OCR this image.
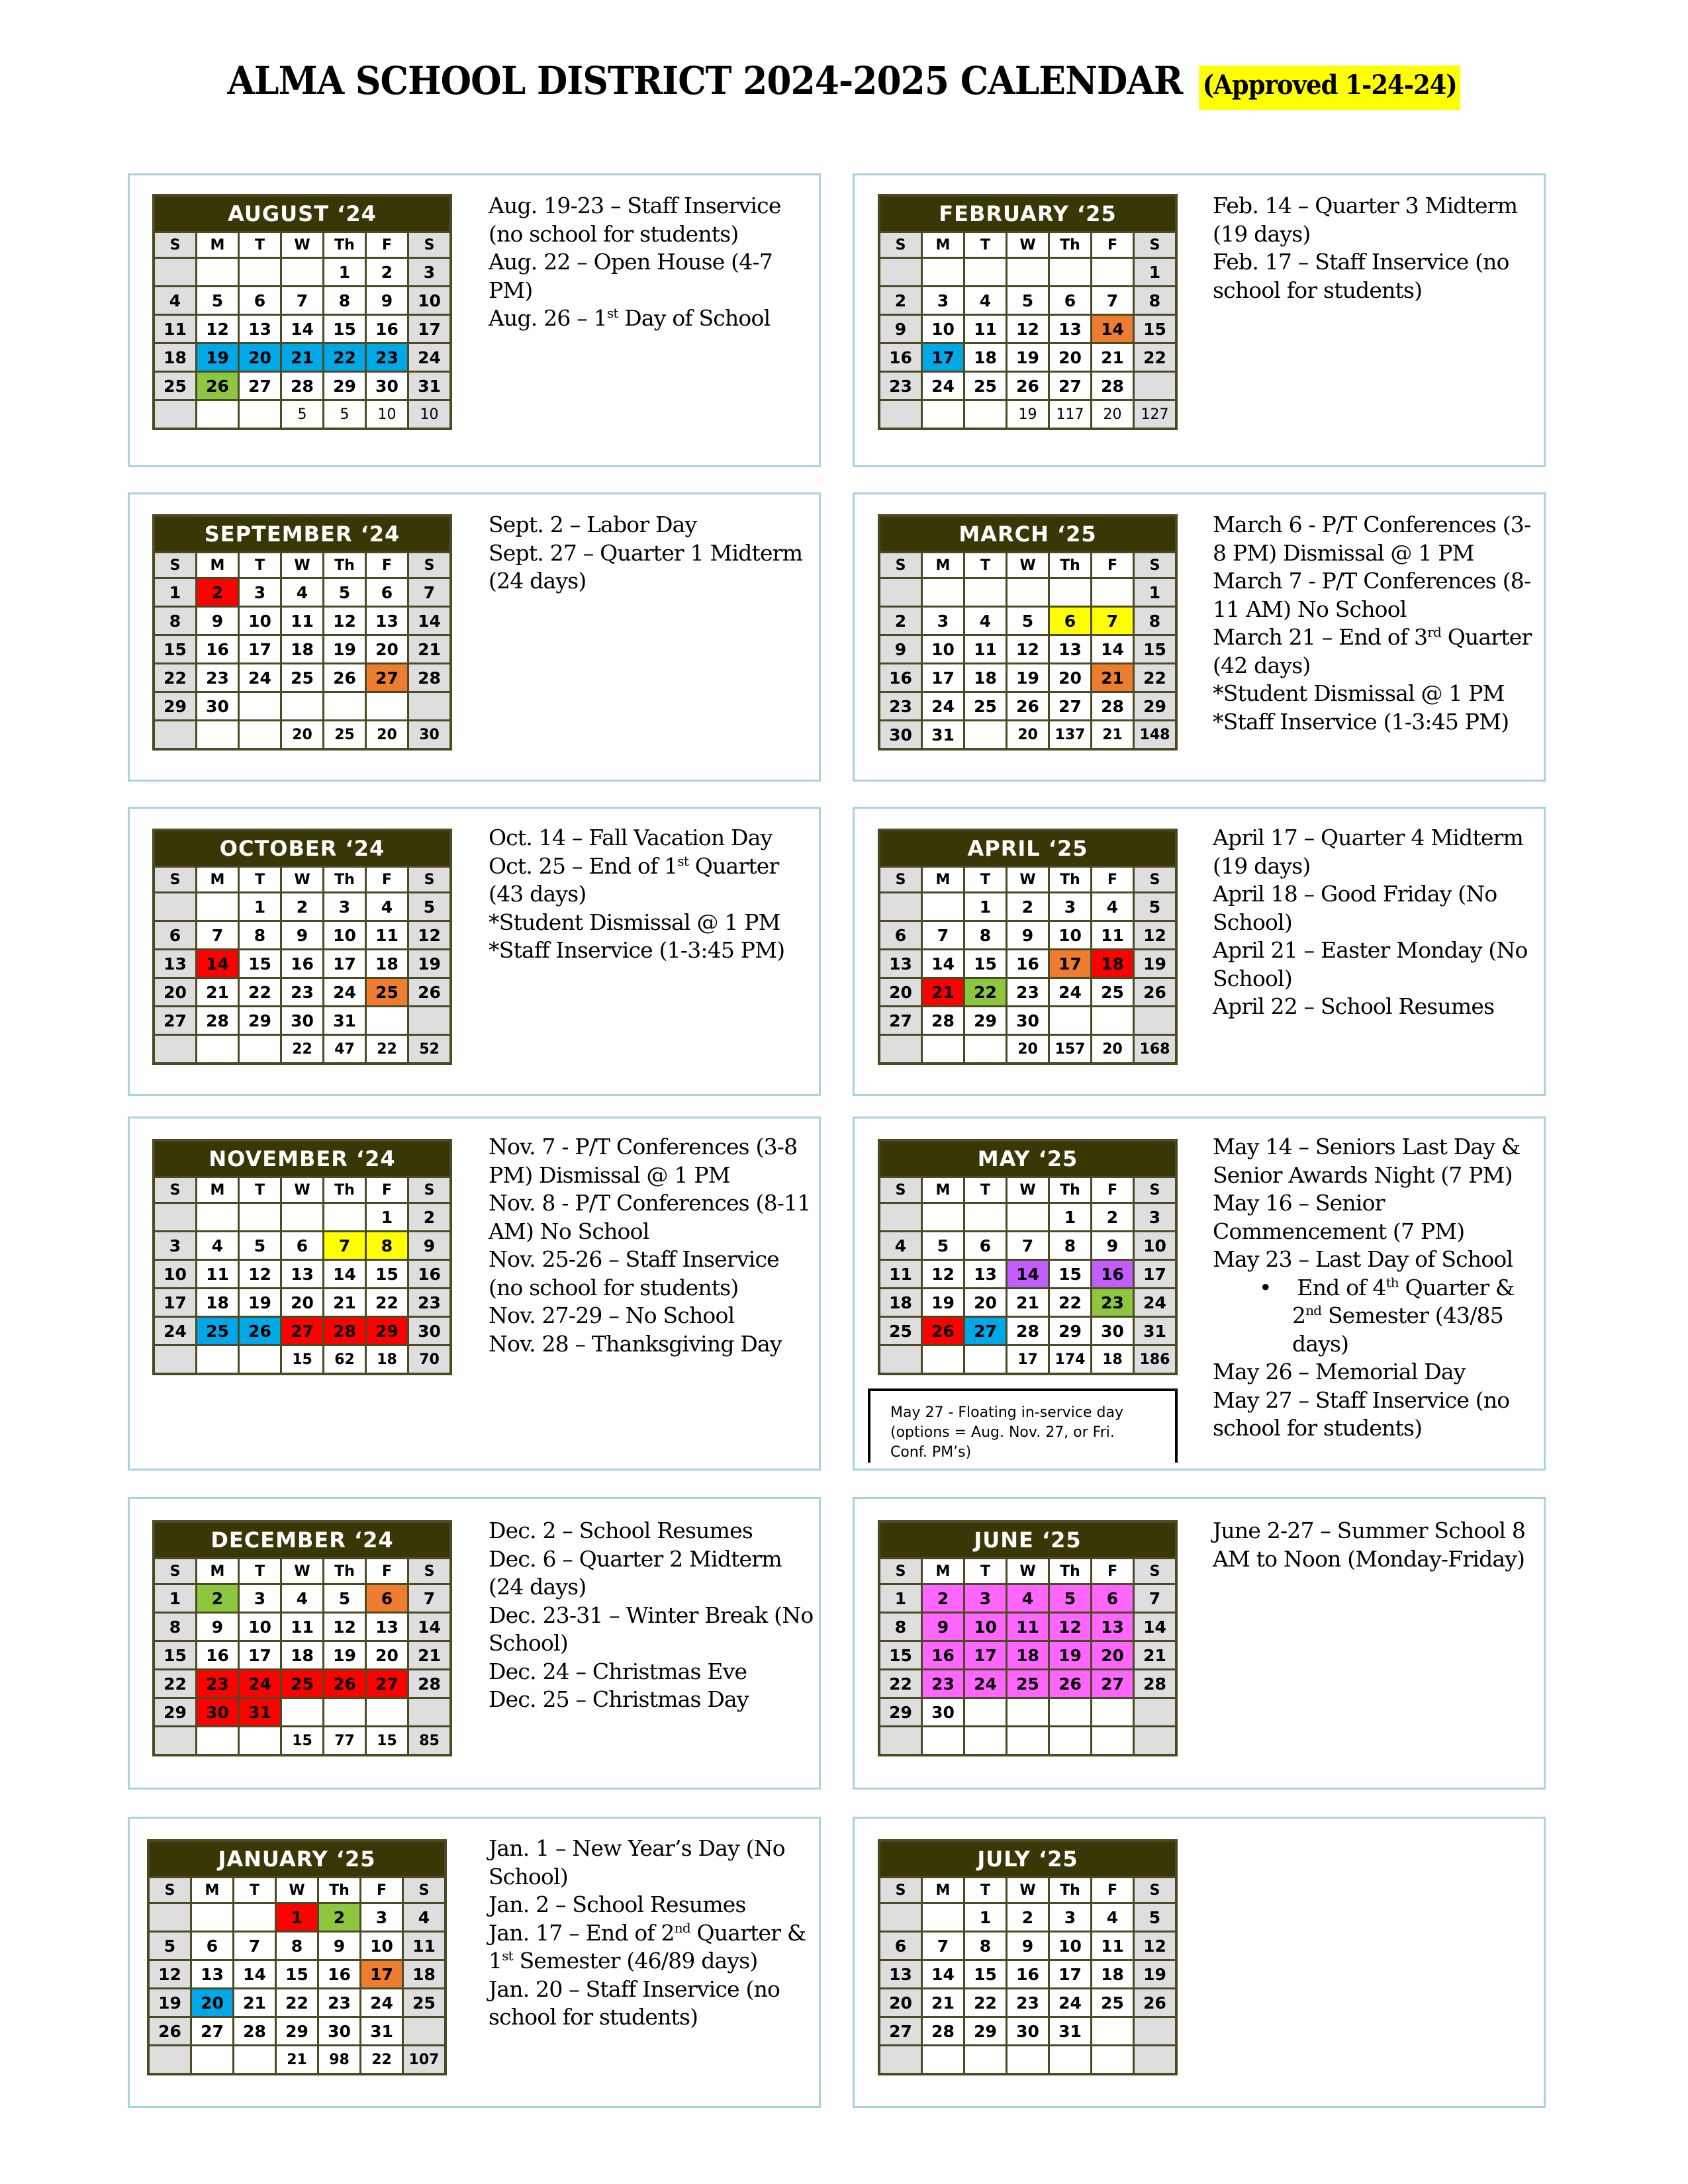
ALMA SCHOOL DISTRICT 2024-2025 CALENDAR (Approved 1-24-24)
AUGUST ‘24						
S	M	T	W	Th	F	S
				1	2	3
4	5	6	7	8	9	10
11	12	13	14	15	16	17
18	19	20	21	22	23	24
25	26	27	28	29	30	31
			5	5	10	10
Aug. 19-23 – Staff Inservice (no school for students)
Aug. 22 – Open House (4-7 PM)
Aug. 26 – 1st Day of School
FEBRUARY ‘25						
S	M	T	W	Th	F	S
						1
2	3	4	5	6	7	8
9	10	11	12	13	14	15
16	17	18	19	20	21	22
23	24	25	26	27	28	
			19	117	20	127
Feb. 14 – Quarter 3 Midterm (19 days)
Feb. 17 – Staff Inservice (no school for students)
SEPTEMBER ‘24						
S	M	T	W	Th	F	S
1	2	3	4	5	6	7
8	9	10	11	12	13	14
15	16	17	18	19	20	21
22	23	24	25	26	27	28
29	30					
			20	25	20	30
Sept. 2 – Labor Day
Sept. 27 – Quarter 1 Midterm (24 days)
MARCH ‘25						
S	M	T	W	Th	F	S
						1
2	3	4	5	6	7	8
9	10	11	12	13	14	15
16	17	18	19	20	21	22
23	24	25	26	27	28	29
30	31		20	137	21	148
March 6 - P/T Conferences (3-8 PM) Dismissal @ 1 PM
March 7 - P/T Conferences (8-11 AM) No School
March 21 – End of 3rd Quarter (42 days)
*Student Dismissal @ 1 PM
*Staff Inservice (1-3:45 PM)
OCTOBER ‘24						
S	M	T	W	Th	F	S
		1	2	3	4	5
6	7	8	9	10	11	12
13	14	15	16	17	18	19
20	21	22	23	24	25	26
27	28	29	30	31		
			22	47	22	52
Oct. 14 – Fall Vacation Day
Oct. 25 – End of 1st Quarter (43 days)
*Student Dismissal @ 1 PM
*Staff Inservice (1-3:45 PM)
APRIL ‘25						
S	M	T	W	Th	F	S
		1	2	3	4	5
6	7	8	9	10	11	12
13	14	15	16	17	18	19
20	21	22	23	24	25	26
27	28	29	30			
			20	157	20	168
April 17 – Quarter 4 Midterm (19 days)
April 18 – Good Friday (No School)
April 21 – Easter Monday (No School)
April 22 – School Resumes
NOVEMBER ‘24						
S	M	T	W	Th	F	S
					1	2
3	4	5	6	7	8	9
10	11	12	13	14	15	16
17	18	19	20	21	22	23
24	25	26	27	28	29	30
			15	62	18	70
Nov. 7 - P/T Conferences (3-8 PM) Dismissal @ 1 PM
Nov. 8 - P/T Conferences (8-11 AM) No School
Nov. 25-26 – Staff Inservice (no school for students)
Nov. 27-29 – No School
Nov. 28 – Thanksgiving Day
MAY ‘25						
S	M	T	W	Th	F	S
				1	2	3
4	5	6	7	8	9	10
11	12	13	14	15	16	17
18	19	20	21	22	23	24
25	26	27	28	29	30	31
			17	174	18	186
May 14 – Seniors Last Day & Senior Awards Night (7 PM)
May 16 – Senior Commencement (7 PM)
May 23 – Last Day of School
•    End of 4th Quarter & 2nd Semester (43/85 days)
May 26 – Memorial Day
May 27 – Staff Inservice (no school for students)
May 27 - Floating in-service day (options = Aug. Nov. 27, or Fri. Conf. PM’s)
DECEMBER ‘24						
S	M	T	W	Th	F	S
1	2	3	4	5	6	7
8	9	10	11	12	13	14
15	16	17	18	19	20	21
22	23	24	25	26	27	28
29	30	31				
			15	77	15	85
Dec. 2 – School Resumes
Dec. 6 – Quarter 2 Midterm (24 days)
Dec. 23-31 – Winter Break (No School)
Dec. 24 – Christmas Eve
Dec. 25 – Christmas Day
JUNE ‘25						
S	M	T	W	Th	F	S
1	2	3	4	5	6	7
8	9	10	11	12	13	14
15	16	17	18	19	20	21
22	23	24	25	26	27	28
29	30					

June 2-27 – Summer School 8 AM to Noon (Monday-Friday)
JANUARY ‘25						
S	M	T	W	Th	F	S
			1	2	3	4
5	6	7	8	9	10	11
12	13	14	15	16	17	18
19	20	21	22	23	24	25
26	27	28	29	30	31	
			21	98	22	107
Jan. 1 – New Year’s Day (No School)
Jan. 2 – School Resumes
Jan. 17 – End of 2nd Quarter & 1st Semester (46/89 days)
Jan. 20 – Staff Inservice (no school for students)
JULY ‘25						
S	M	T	W	Th	F	S
		1	2	3	4	5
6	7	8	9	10	11	12
13	14	15	16	17	18	19
20	21	22	23	24	25	26
27	28	29	30	31		
